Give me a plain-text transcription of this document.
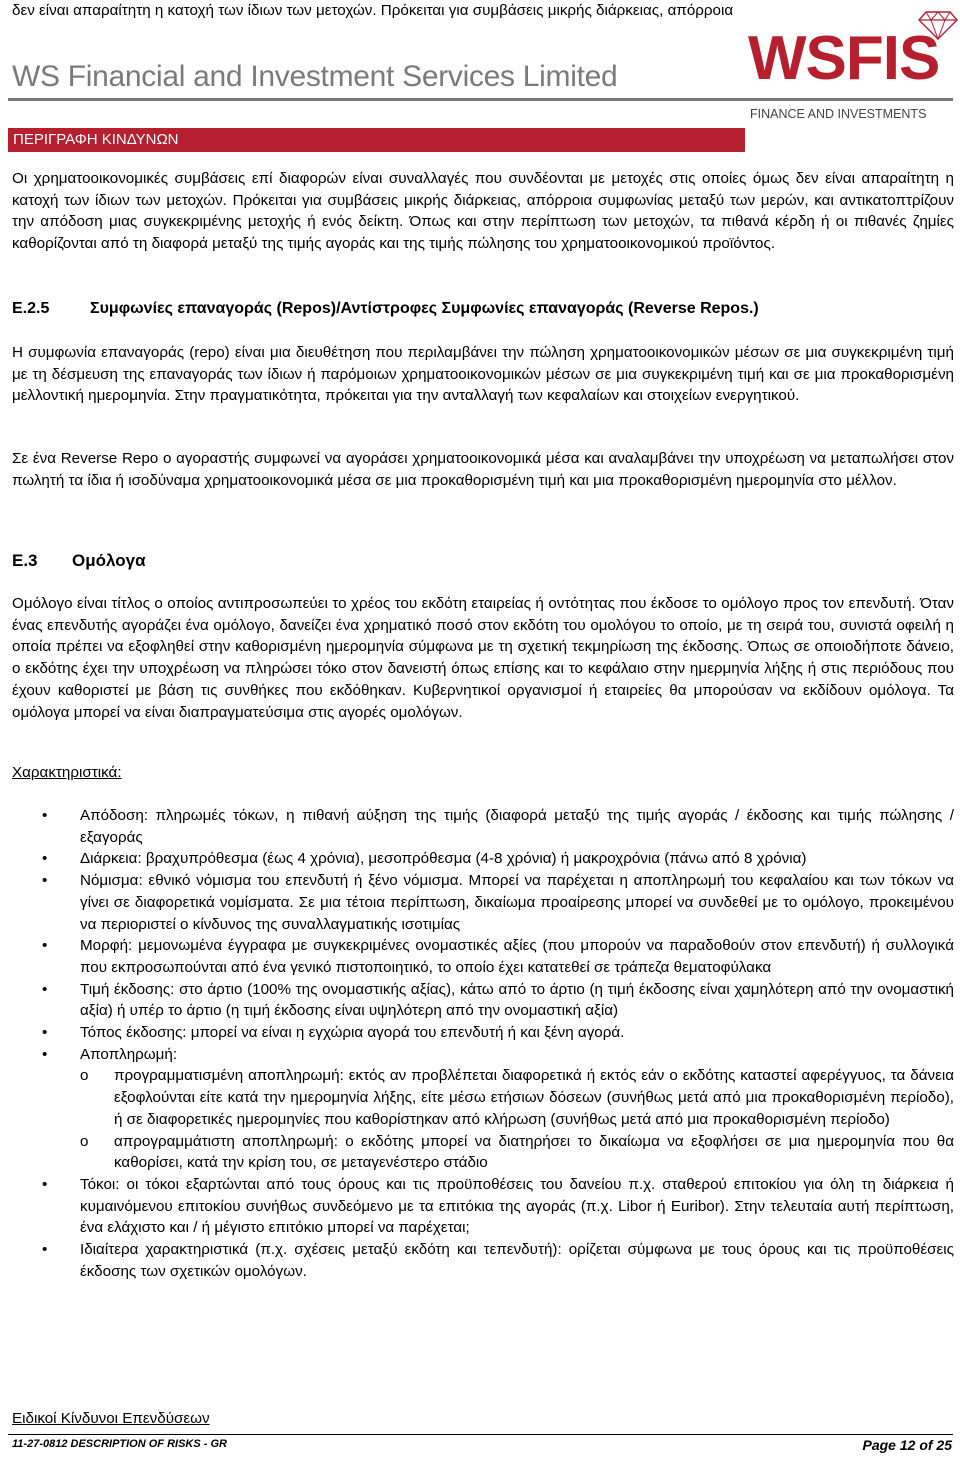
δεν είναι απαραίτητη η κατοχή των ίδιων των μετοχών. Πρόκειται για συμβάσεις μικρής διάρκειας, απόρροια
WS Financial and Investment Services Limited WSFIS
FINANCE AND INVESTMENTS
ΠΕΡΙΓΡΑΦΗ ΚΙΝΔΥΝΩΝ

Οι χρηματοοικονομικές συμβάσεις επί διαφορών είναι συναλλαγές που συνδέονται με μετοχές στις οποίες όμως δεν είναι απαραίτητη η κατοχή των ίδιων των μετοχών. Πρόκειται για συμβάσεις μικρής διάρκειας, απόρροια συμφωνίας μεταξύ των μερών, και αντικατοπτρίζουν την απόδοση μιας συγκεκριμένης μετοχής ή ενός δείκτη. Όπως και στην περίπτωση των μετοχών, τα πιθανά κέρδη ή οι πιθανές ζημίες καθορίζονται από τη διαφορά μεταξύ της τιμής αγοράς και της τιμής πώλησης του χρηματοοικονομικού προϊόντος.

E.2.5	Συμφωνίες επαναγοράς (Repos)/Αντίστροφες Συμφωνίες επαναγοράς (Reverse Repos.)

Η συμφωνία επαναγοράς (repo) είναι μια διευθέτηση που περιλαμβάνει την πώληση χρηματοοικονομικών μέσων σε μια συγκεκριμένη τιμή με τη δέσμευση της επαναγοράς των ίδιων ή παρόμοιων χρηματοοικονομικών μέσων σε μια συγκεκριμένη τιμή και σε μια προκαθορισμένη μελλοντική ημερομηνία. Στην πραγματικότητα, πρόκειται για την ανταλλαγή των κεφαλαίων και στοιχείων ενεργητικού.

Σε ένα Reverse Repo ο αγοραστής συμφωνεί να αγοράσει χρηματοοικονομικά μέσα και αναλαμβάνει την υποχρέωση να μεταπωλήσει στον πωλητή τα ίδια ή ισοδύναμα χρηματοοικονομικά μέσα σε μια προκαθορισμένη τιμή και μια προκαθορισμένη ημερομηνία στο μέλλον.

E.3 Ομόλογα

Ομόλογο είναι τίτλος ο οποίος αντιπροσωπεύει το χρέος του εκδότη εταιρείας ή οντότητας που έκδοσε το ομόλογο προς τον επενδυτή. Όταν ένας επενδυτής αγοράζει ένα ομόλογο, δανείζει ένα χρηματικό ποσό στον εκδότη του ομολόγου το οποίο, με τη σειρά του, συνιστά οφειλή η οποία πρέπει να εξοφληθεί στην καθορισμένη ημερομηνία σύμφωνα με τη σχετική τεκμηρίωση της έκδοσης. Όπως σε οποιοδήποτε δάνειο, ο εκδότης έχει την υποχρέωση να πληρώσει τόκο στον δανειστή όπως επίσης και το κεφάλαιο στην ημερμηνία λήξης ή στις περιόδους που έχουν καθοριστεί με βάση τις συνθήκες που εκδόθηκαν. Κυβερνητικοί οργανισμοί ή εταιρείες θα μπορούσαν να εκδίδουν ομόλογα. Τα ομόλογα μπορεί να είναι διαπραγματεύσιμα στις αγορές ομολόγων.

Χαρακτηριστικά:
• Απόδοση: πληρωμές τόκων, η πιθανή αύξηση της τιμής (διαφορά μεταξύ της τιμής αγοράς / έκδοσης και τιμής πώλησης / εξαγοράς
• Διάρκεια: βραχυπρόθεσμα (έως 4 χρόνια), μεσοπρόθεσμα (4-8 χρόνια) ή μακροχρόνια (πάνω από 8 χρόνια)
• Νόμισμα: εθνικό νόμισμα του επενδυτή ή ξένο νόμισμα. Μπορεί να παρέχεται η αποπληρωμή του κεφαλαίου και των τόκων να γίνει σε διαφορετικά νομίσματα. Σε μια τέτοια περίπτωση, δικαίωμα προαίρεσης μπορεί να συνδεθεί με το ομόλογο, προκειμένου να περιοριστεί ο κίνδυνος της συναλλαγματικής ισοτιμίας
• Μορφή: μεμονωμένα έγγραφα με συγκεκριμένες ονομαστικές αξίες (που μπορούν να παραδοθούν στον επενδυτή) ή συλλογικά που εκπροσωπούνται από ένα γενικό πιστοποιητικό, το οποίο έχει κατατεθεί σε τράπεζα θεματοφύλακα
• Τιμή έκδοσης: στο άρτιο (100% της ονομαστικής αξίας), κάτω από το άρτιο (η τιμή έκδοσης είναι χαμηλότερη από την ονομαστική αξία) ή υπέρ το άρτιο (η τιμή έκδοσης είναι υψηλότερη από την ονομαστική αξία)
• Τόπος έκδοσης: μπορεί να είναι η εγχώρια αγορά του επενδυτή ή και ξένη αγορά.
• Αποπληρωμή:
o προγραμματισμένη αποπληρωμή: εκτός αν προβλέπεται διαφορετικά ή εκτός εάν ο εκδότης καταστεί αφερέγγυος, τα δάνεια εξοφλούνται είτε κατά την ημερομηνία λήξης, είτε μέσω ετήσιων δόσεων (συνήθως μετά από μια προκαθορισμένη περίοδο), ή σε διαφορετικές ημερομηνίες που καθορίστηκαν από κλήρωση (συνήθως μετά από μια προκαθορισμένη περίοδο)
o απρογραμμάτιστη αποπληρωμή: ο εκδότης μπορεί να διατηρήσει το δικαίωμα να εξοφλήσει σε μια ημερομηνία που θα καθορίσει, κατά την κρίση του, σε μεταγενέστερο στάδιο
• Τόκοι: οι τόκοι εξαρτώνται από τους όρους και τις προϋποθέσεις του δανείου π.χ. σταθερού επιτοκίου για όλη τη διάρκεια ή κυμαινόμενου επιτοκίου συνήθως συνδεόμενο με τα επιτόκια της αγοράς (π.χ. Libor ή Euribor). Στην τελευταία αυτή περίπτωση, ένα ελάχιστο και / ή μέγιστο επιτόκιο μπορεί να παρέχεται;
• Ιδιαίτερα χαρακτηριστικά (π.χ. σχέσεις μεταξύ εκδότη και τεπενδυτή): ορίζεται σύμφωνα με τους όρους και τις προϋποθέσεις έκδοσης των σχετικών ομολόγων.
Ειδικοί Κίνδυνοι Επενδύσεων
11-27-0812 DESCRIPTION OF RISKS - GR	Page 12 of 25
